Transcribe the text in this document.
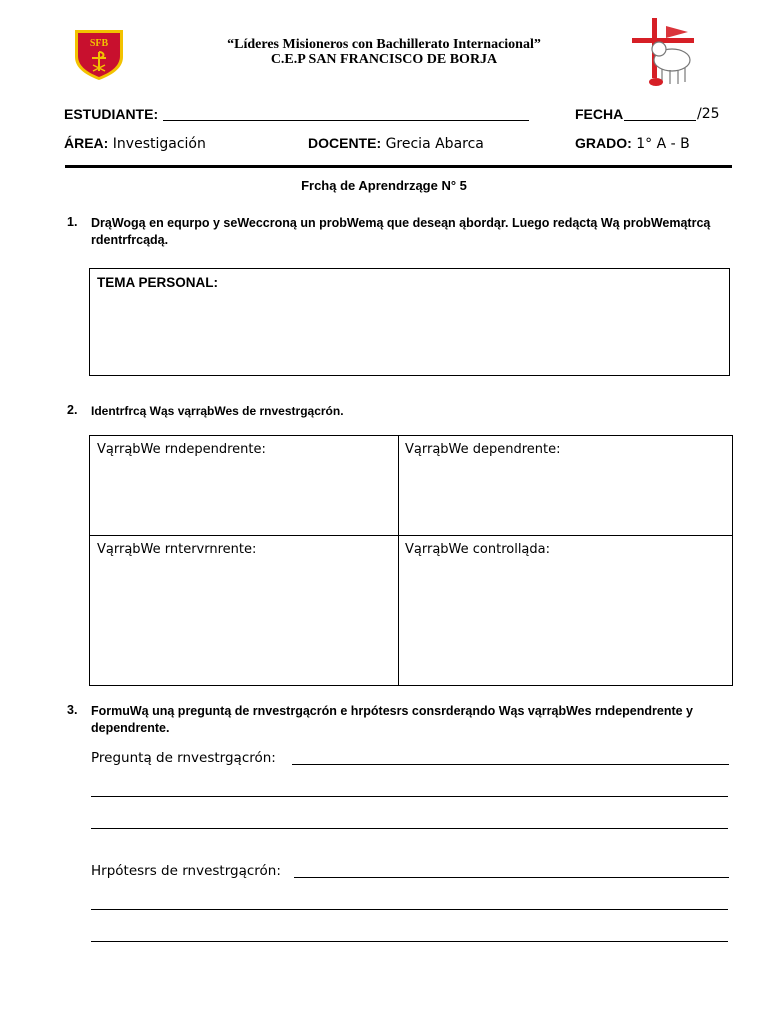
SFB	“Líderes Misioneros con Bachillerato Internacional”
C.E.P SAN FRANCISCO DE BORJA
ESTUDIANTE:	FECHA	/25
ÁREA: Investigación	DOCENTE: Grecia Abarca	GRADO: 1° A - B
Frchą de Aprendrząge N° 5
1. DrąWogą en equrpo y seWeccroną un probWemą que deseąn ąbordąr. Luego redąctą Wą probWemątrcą rdentrfrcądą.
TEMA PERSONAL:
2. Identrfrcą Wąs vąrrąbWes de rnvestrgącrón.
VąrrąbWe rndependrente:	VąrrąbWe dependrente:
VąrrąbWe rntervrnrente:	VąrrąbWe controlląda:
3. FormuWą uną preguntą de rnvestrgącrón e hrpótesrs consrderąndo Wąs vąrrąbWes rndependrente y dependrente.
Preguntą de rnvestrgącrón:
Hrpótesrs de rnvestrgącrón:
